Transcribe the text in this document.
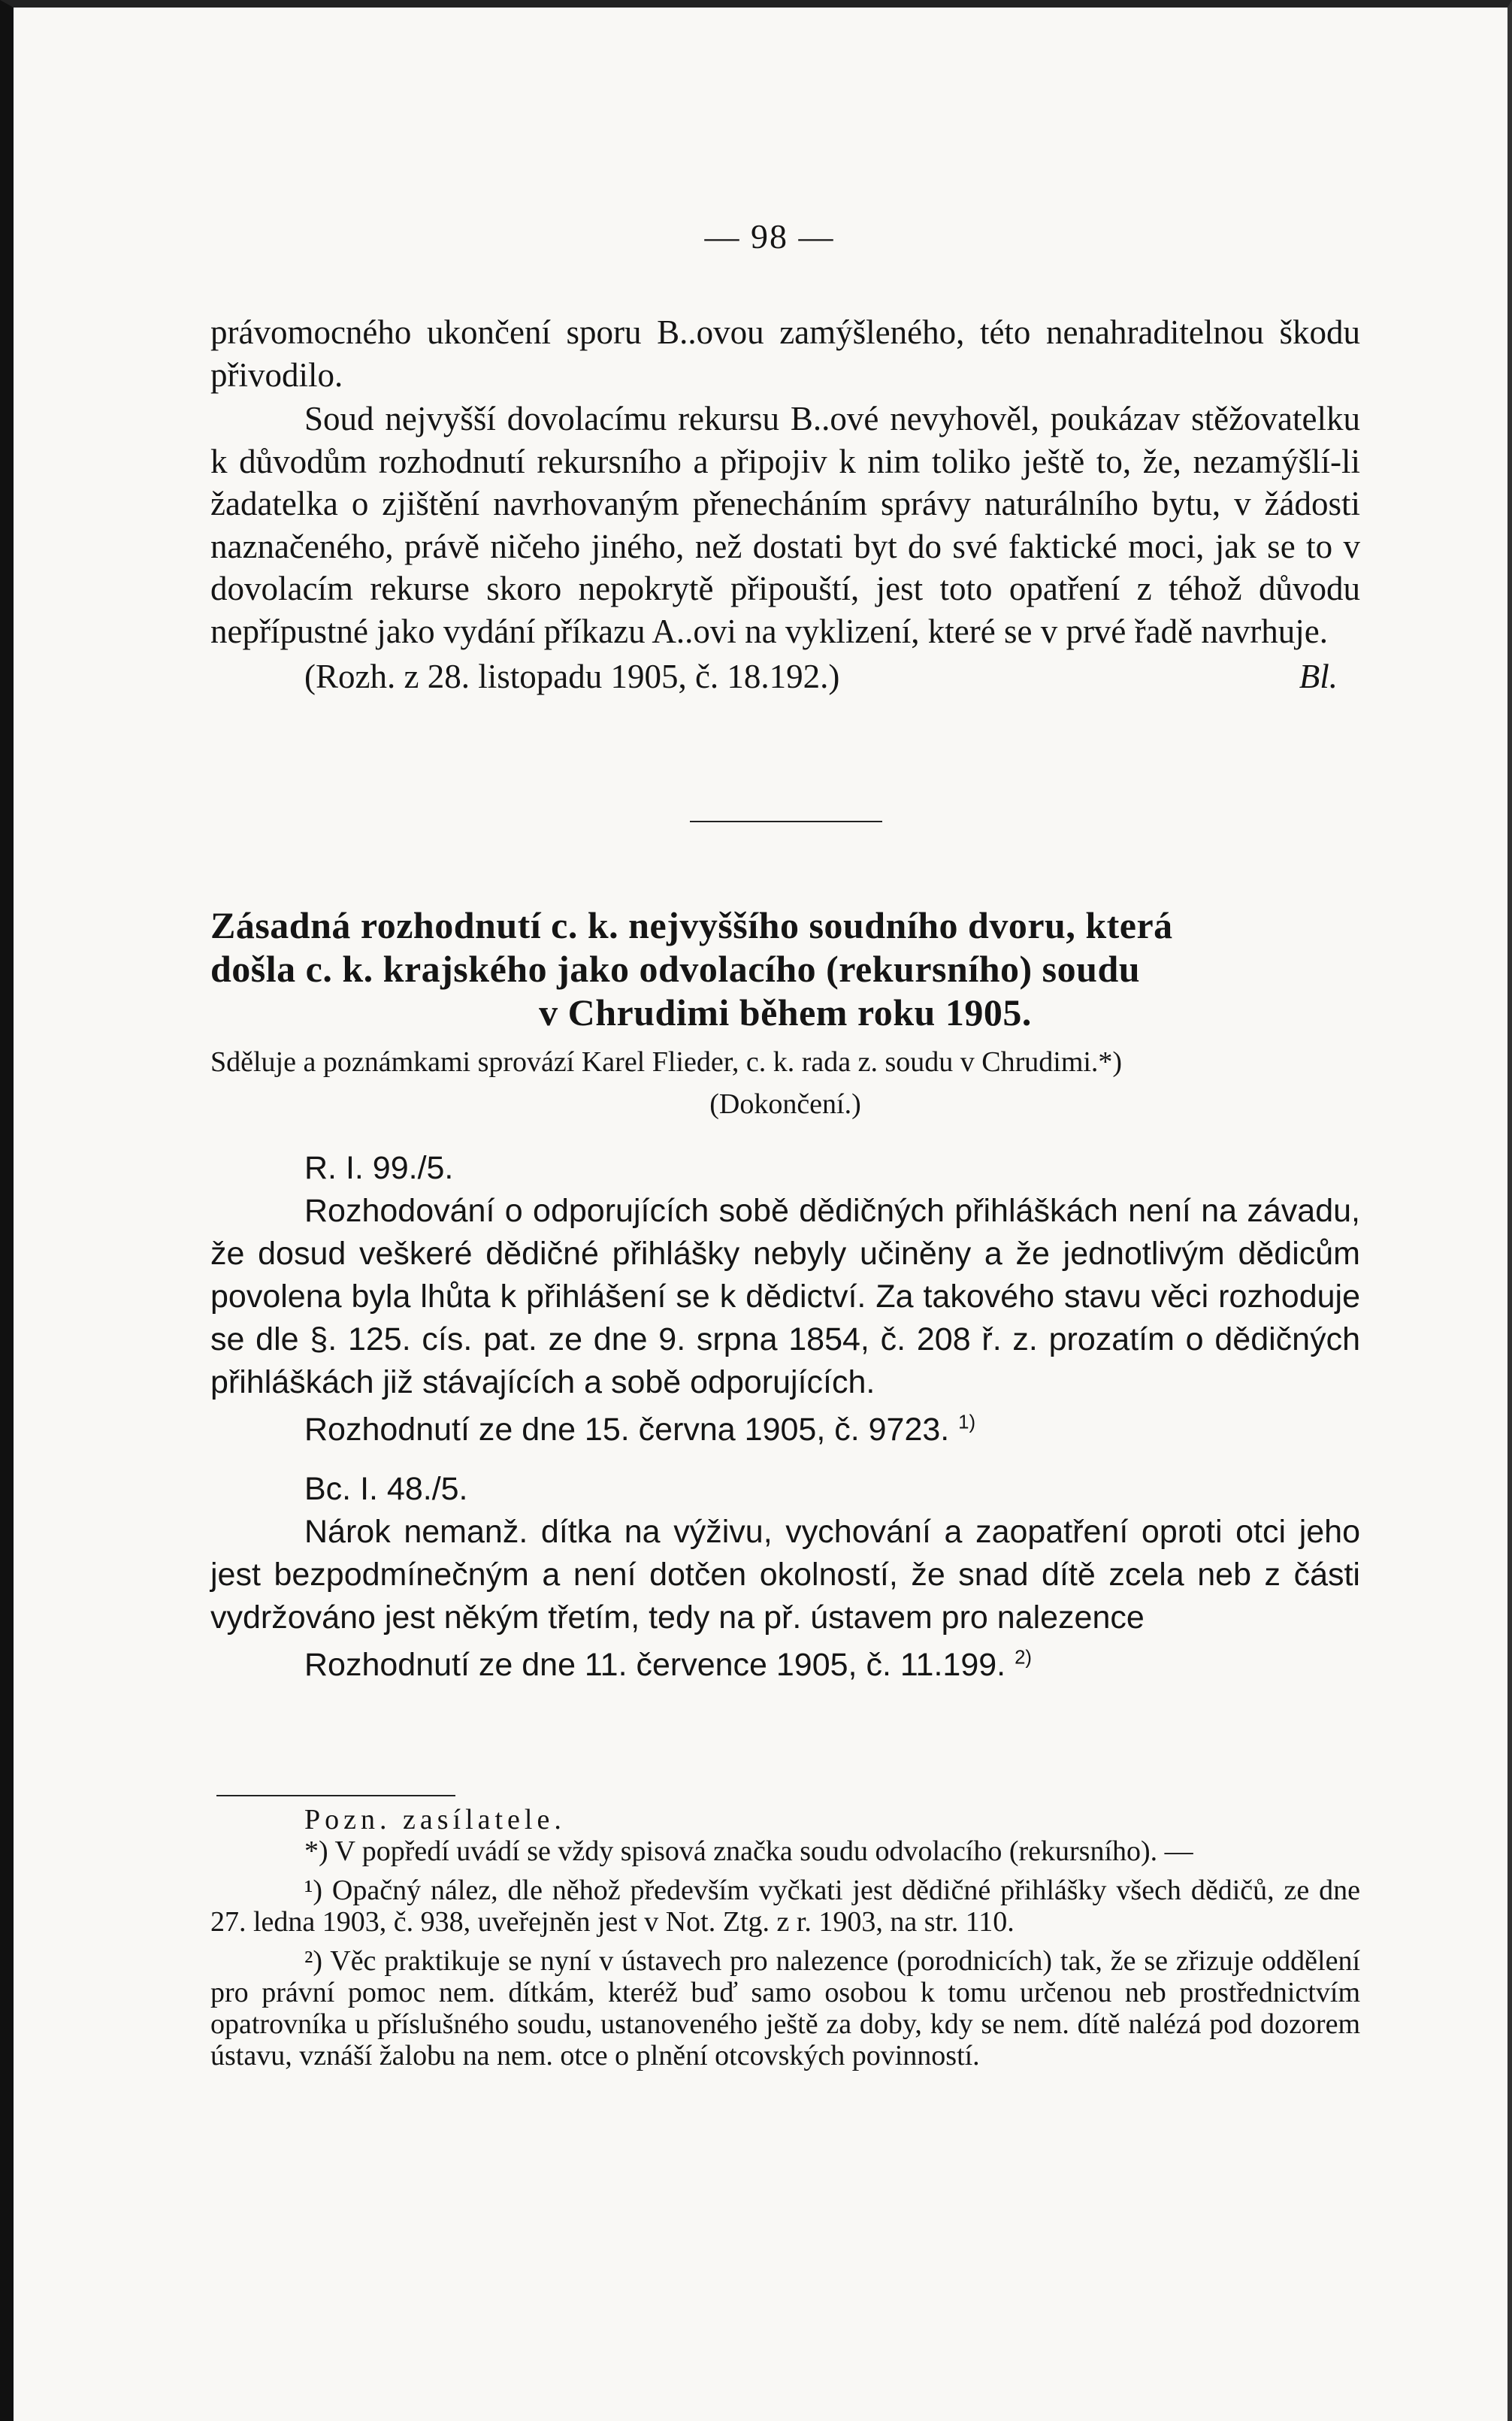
— 98 —

právomocného ukončení sporu B..ovou zamýšleného, této nenahraditelnou škodu přivodilo.

Soud nejvyšší dovolacímu rekursu B..ové nevyhověl, poukázav stěžovatelku k důvodům rozhodnutí rekursního a připojiv k nim toliko ještě to, že, nezamýšlí-li žadatelka o zjištění navrhovaným přenecháním správy naturálního bytu, v žádosti naznačeného, právě ničeho jiného, než dostati byt do své faktické moci, jak se to v dovolacím rekurse skoro nepokrytě připouští, jest toto opatření z téhož důvodu nepřípustné jako vydání příkazu A..ovi na vyklizení, které se v prvé řadě navrhuje.

(Rozh. z 28. listopadu 1905, č. 18.192.)	Bl.

Zásadná rozhodnutí c. k. nejvyššího soudního dvoru, která

došla c. k. krajského jako odvolacího (rekursního) soudu

v Chrudimi během roku 1905.

Sděluje a poznámkami sprovází Karel Flieder, c. k. rada z. soudu v Chrudimi.*)

(Dokončení.)

R. I. 99./5.

Rozhodování o odporujících sobě dědičných přihláškách není na závadu, že dosud veškeré dědičné přihlášky nebyly učiněny a že jednotlivým dědicům povolena byla lhůta k přihlášení se k dědictví. Za takového stavu věci rozhoduje se dle §. 125. cís. pat. ze dne 9. srpna 1854, č. 208 ř. z. prozatím o dědičných přihláškách již stávajících a sobě odporujících.

Rozhodnutí ze dne 15. června 1905, č. 9723. $^{1)}$

Bc. I. 48./5.

Nárok nemanž. dítka na výživu, vychování a zaopatření oproti otci jeho jest bezpodmínečným a není dotčen okolností, že snad dítě zcela neb z části vydržováno jest někým třetím, tedy na př. ústavem pro nalezence

Rozhodnutí ze dne 11. července 1905, č. 11.199. $^{2)}$

Pozn. zasílatele.

*) V popředí uvádí se vždy spisová značka soudu odvolacího (rekursního). —

¹) Opačný nález, dle něhož především vyčkati jest dědičné přihlášky všech dědičů, ze dne 27. ledna 1903, č. 938, uveřejněn jest v Not. Ztg. z r. 1903, na str. 110.

²) Věc praktikuje se nyní v ústavech pro nalezence (porodnicích) tak, že se zřizuje oddělení pro právní pomoc nem. dítkám, kteréž buď samo osobou k tomu určenou neb prostřednictvím opatrovníka u příslušného soudu, ustanoveného ještě za doby, kdy se nem. dítě nalézá pod dozorem ústavu, vznáší žalobu na nem. otce o plnění otcovských povinností.
